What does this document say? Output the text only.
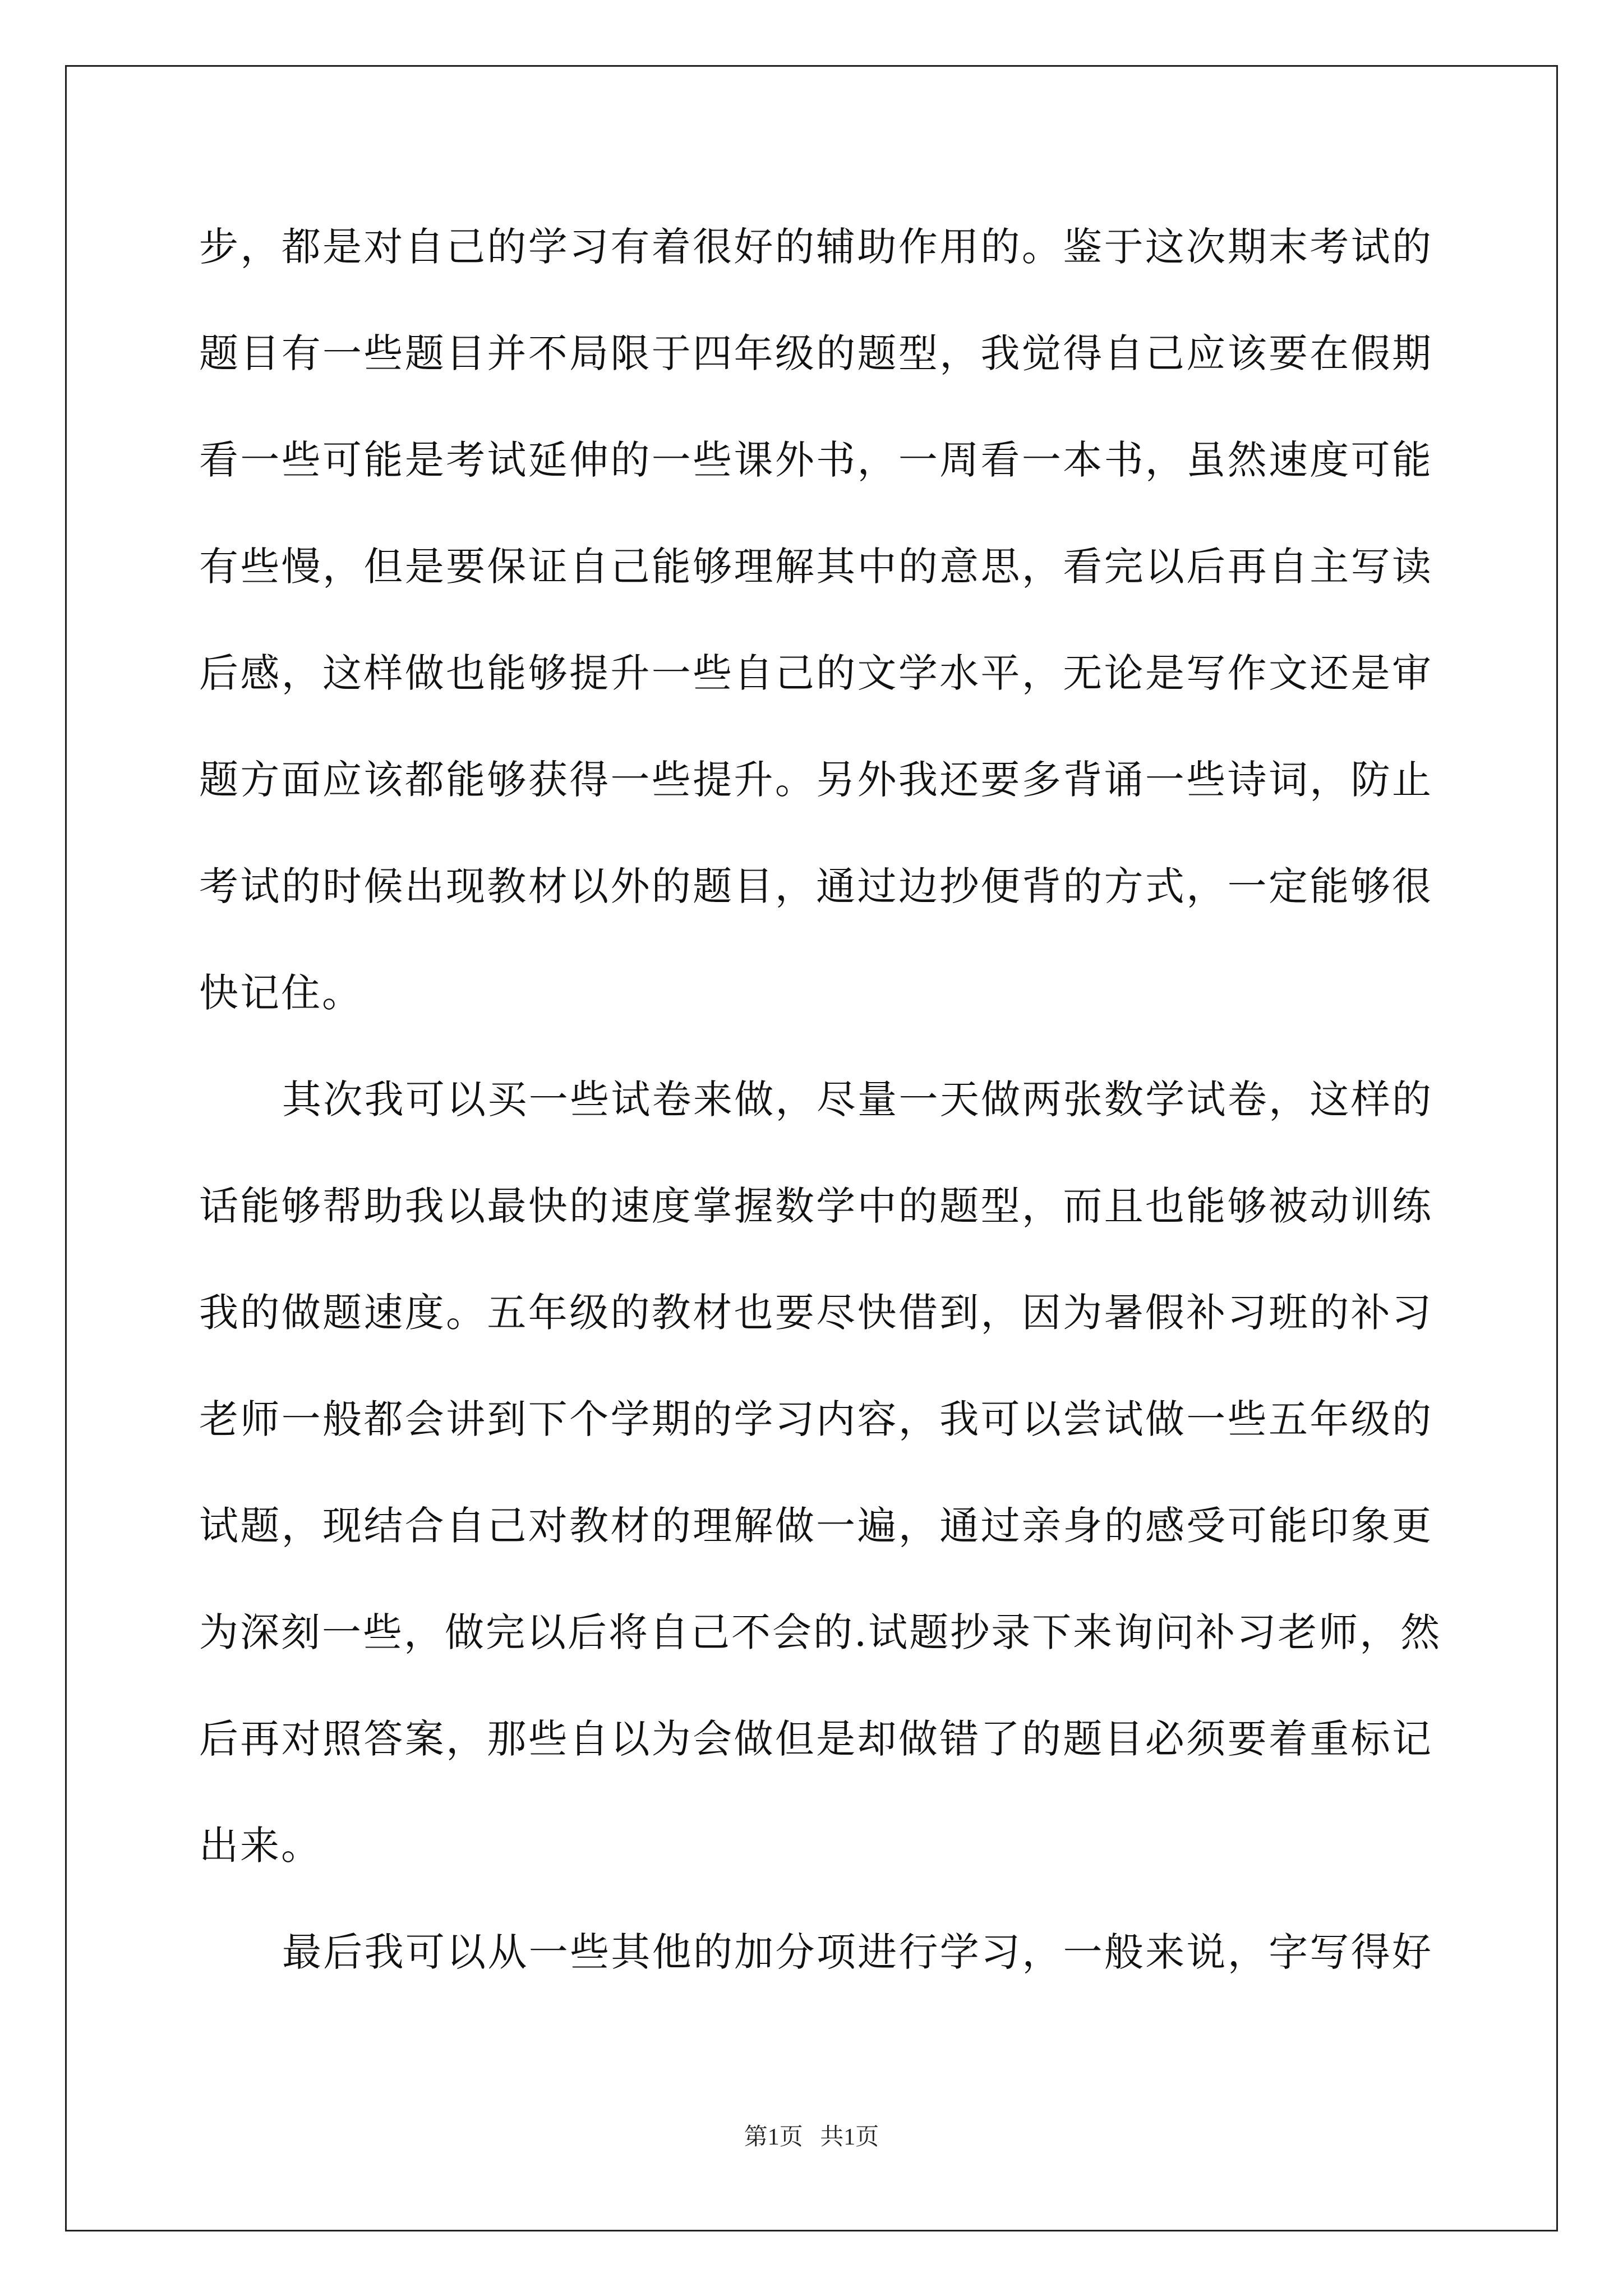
步，都是对自己的学习有着很好的辅助作用的。鉴于这次期末考试的
题目有一些题目并不局限于四年级的题型，我觉得自己应该要在假期
看一些可能是考试延伸的一些课外书，一周看一本书，虽然速度可能
有些慢，但是要保证自己能够理解其中的意思，看完以后再自主写读
后感，这样做也能够提升一些自己的文学水平，无论是写作文还是审
题方面应该都能够获得一些提升。另外我还要多背诵一些诗词，防止
考试的时候出现教材以外的题目，通过边抄便背的方式，一定能够很
快记住。
其次我可以买一些试卷来做，尽量一天做两张数学试卷，这样的
话能够帮助我以最快的速度掌握数学中的题型，而且也能够被动训练
我的做题速度。五年级的教材也要尽快借到，因为暑假补习班的补习
老师一般都会讲到下个学期的学习内容，我可以尝试做一些五年级的
试题，现结合自己对教材的理解做一遍，通过亲身的感受可能印象更
为深刻一些，做完以后将自己不会的.试题抄录下来询问补习老师，然
后再对照答案，那些自以为会做但是却做错了的题目必须要着重标记
出来。
最后我可以从一些其他的加分项进行学习，一般来说，字写得好
第1页 共1页
